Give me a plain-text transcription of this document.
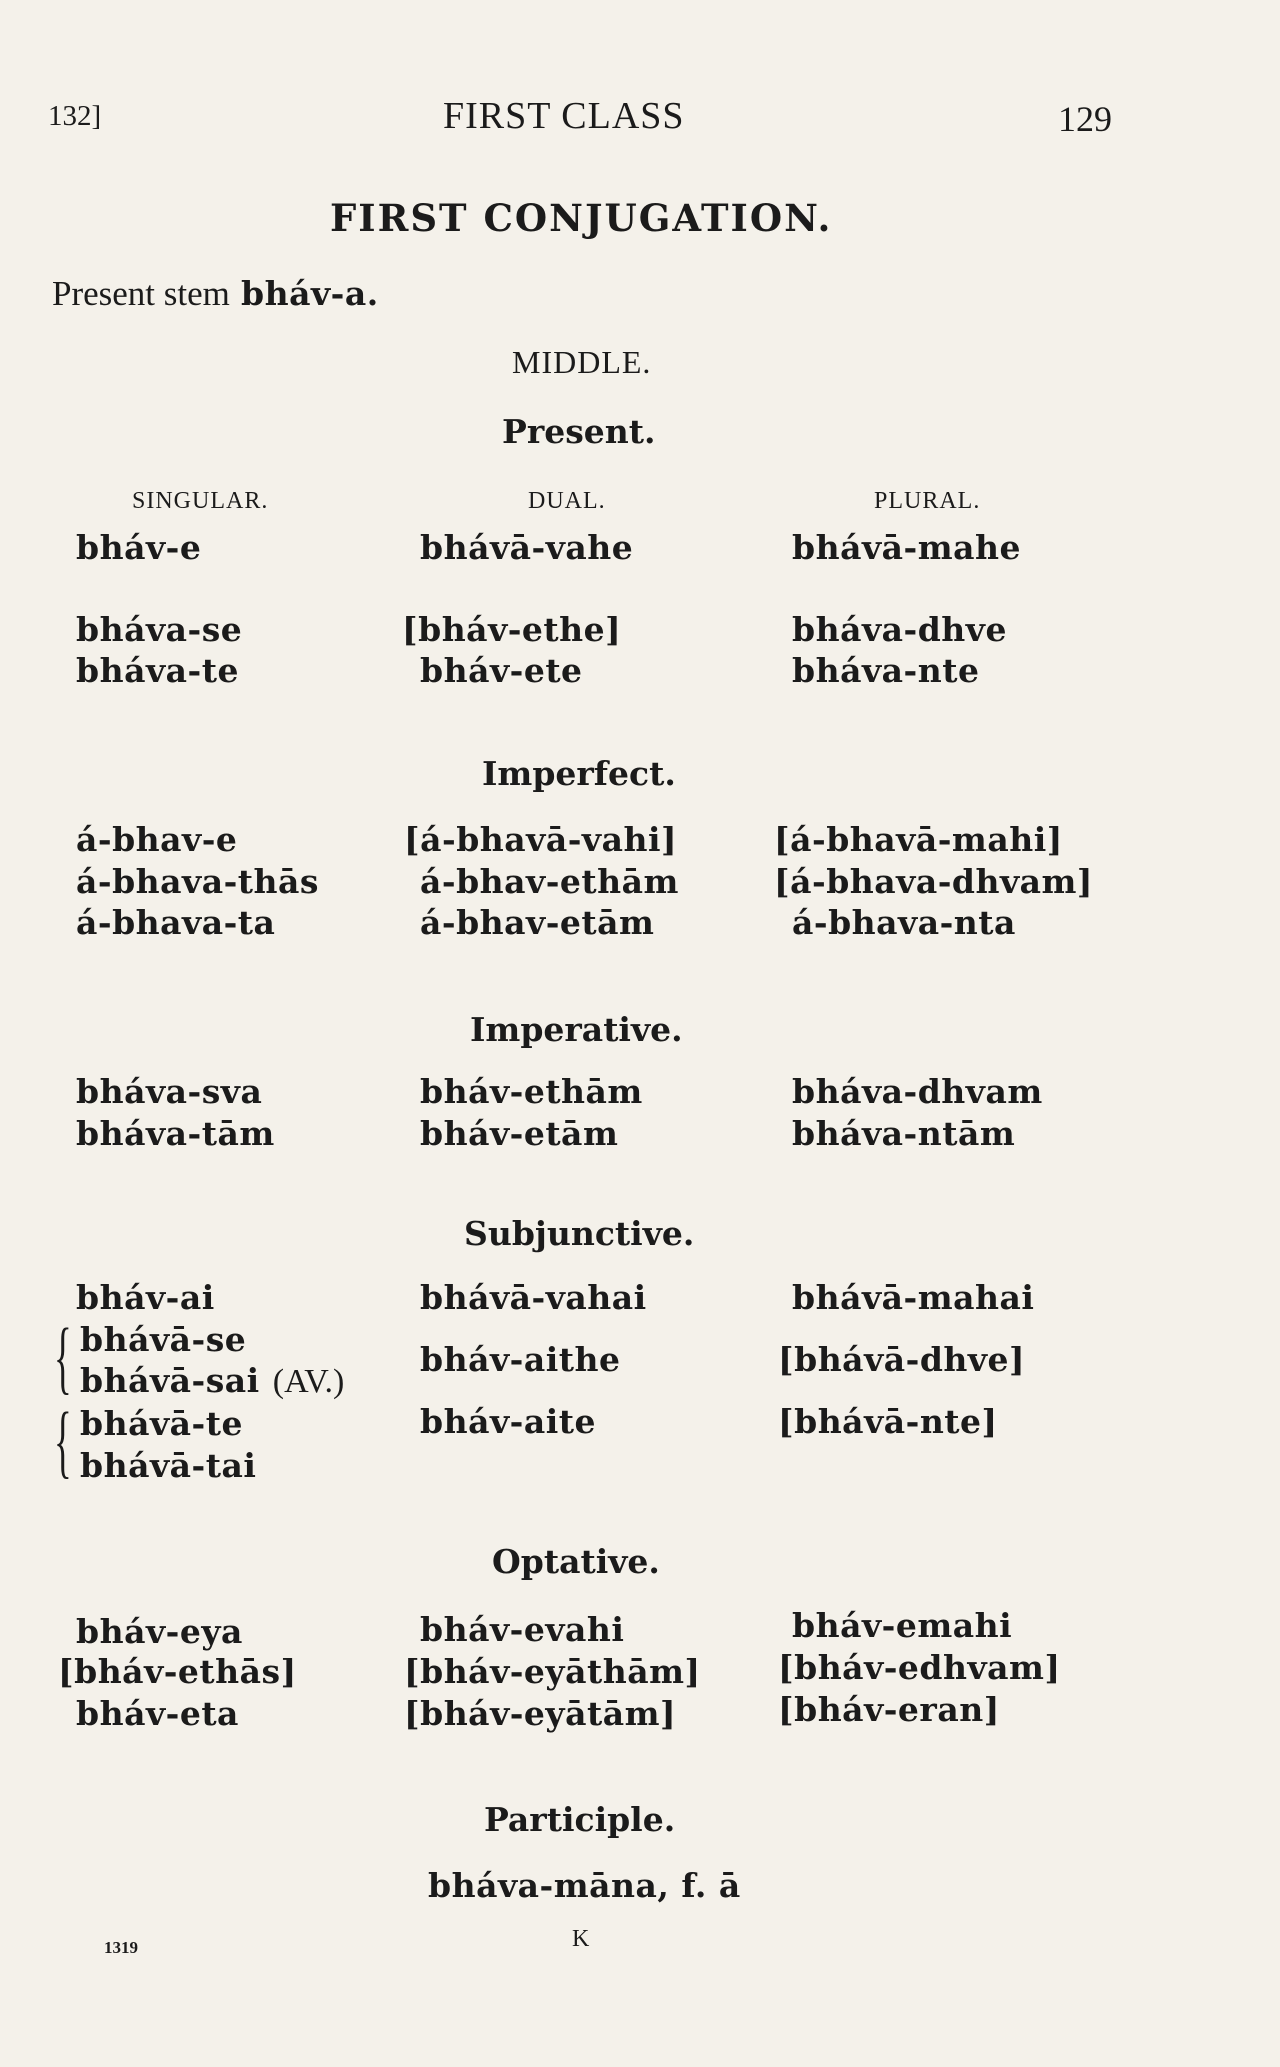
132]	FIRST CLASS	129
FIRST CONJUGATION.
Present stem bháv-a.
MIDDLE.
Present.
SINGULAR.	DUAL.	PLURAL.
bháv-e	bhávā-vahe	bhávā-mahe
bháva-se	[bháv-ethe]	bháva-dhve
bháva-te	bháv-ete	bháva-nte
Imperfect.
á-bhav-e	[á-bhavā-vahi]	[á-bhavā-mahi]
á-bhava-thās	á-bhav-ethām	[á-bhava-dhvam]
á-bhava-ta	á-bhav-etām	á-bhava-nta
Imperative.
bháva-sva	bháv-ethām	bháva-dhvam
bháva-tām	bháv-etām	bháva-ntām
Subjunctive.
bháv-ai	bhávā-vahai	bhávā-mahai
{ bhávā-se
bhávā-sai (AV.)
bháv-aithe	[bhávā-dhve]
{ bhávā-te
bhávā-tai
bháv-aite	[bhávā-nte]
Optative.
bháv-eya	bháv-evahi	bháv-emahi
[bháv-ethās]	[bháv-eyāthām] [bháv-edhvam]
bháv-eta	[bháv-eyātām]	[bháv-eran]
Participle.
bháva-māna, f. ā
1319	K
